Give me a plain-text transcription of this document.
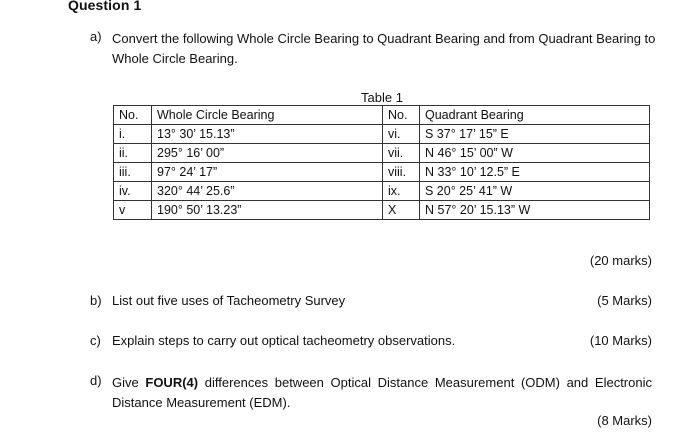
Question 1
a) Convert the following Whole Circle Bearing to Quadrant Bearing and from Quadrant Bearing to Whole Circle Bearing.
Table 1
No.	Whole Circle Bearing	No.	Quadrant Bearing
i.	13° 30’ 15.13”	vi.	S 37° 17’ 15” E
ii.	295° 16’ 00”	vii.	N 46° 15’ 00” W
iii.	97° 24’ 17”	viii.	N 33° 10’ 12.5” E
iv.	320° 44’ 25.6”	ix.	S 20° 25’ 41” W
v	190° 50’ 13.23”	X	N 57° 20’ 15.13” W
(20 marks)
b) List out five uses of Tacheometry Survey	(5 Marks)
c) Explain steps to carry out optical tacheometry observations.	(10 Marks)
d) Give FOUR(4) differences between Optical Distance Measurement (ODM) and Electronic Distance Measurement (EDM).
(8 Marks)
